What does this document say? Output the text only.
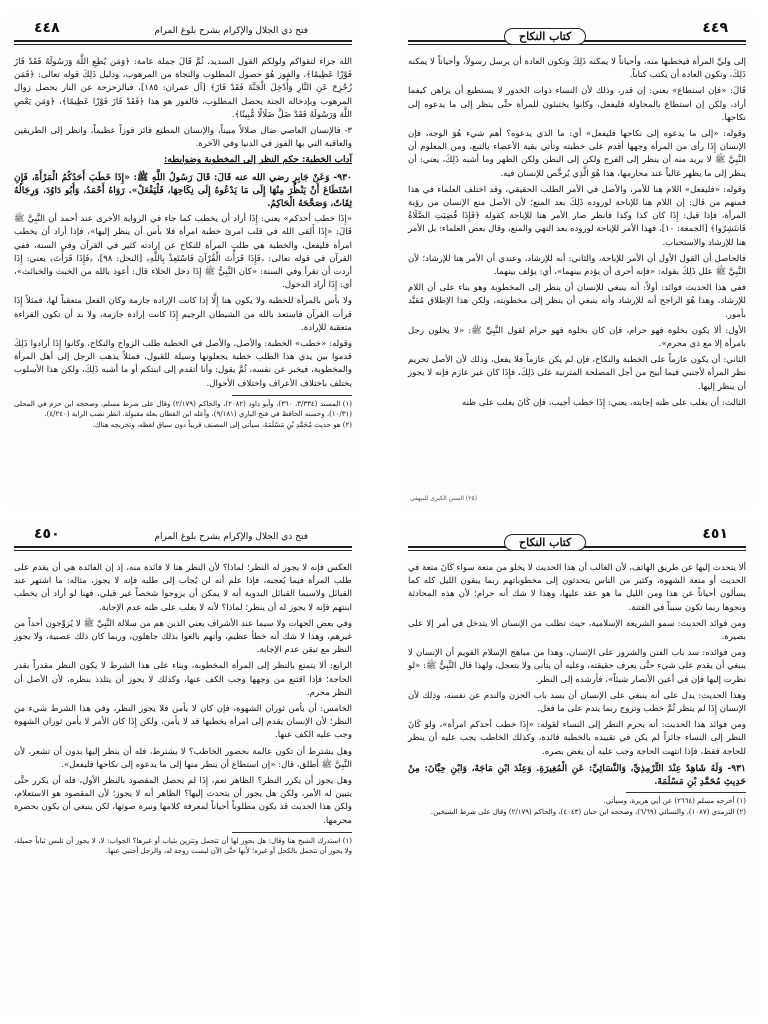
٤٤٨	فتح ذي الجلال والإكرام بشرح بلوغ المرام

الله جزاء لتقواكم ولولكم القول السديد، ثُمَّ قَالَ جملة عامة: ﴿وَمَن يُطِعِ اللَّهَ وَرَسُولَهُ فَقَدْ فَازَ فَوْزًا عَظِيمًا﴾، والفوز هُوَ حصول المطلوب والنجاة من المرهوب، ودليل ذَلِكَ قوله تعالى: ﴿فَمَن زُحْزِحَ عَنِ النَّارِ وَأُدْخِلَ الْجَنَّةَ فَقَدْ فَازَ﴾ [آل عمران: ١٨٥]، فبالزحزحة عن النار يحصل زوال المرهوب وبإدخاله الجنة يحصل المطلوب، فالفوز هو هذا ﴿فَقَدْ فَازَ فَوْزًا عَظِيمًا﴾، ﴿وَمَن يَعْصِ اللَّهَ وَرَسُولَهُ فَقَدْ ضَلَّ ضَلَالًا مُّبِينًا﴾.

٣- فالإنسان العاصي ضال ضلالاً مبيناً، والإنسان المطيع فائز فوزاً عظيماً، وانظر إلى الطريقين والعاقبة التي بها الفوز في الدنيا وفي الآخرة.

آداب الخطبة: حكم النظر إلى المخطوبة وضوابطه:

٩٣٠- وَعَنْ جَابِرٍ رضي الله عنه قَالَ: قَالَ رَسُولُ اللَّهِ ﷺ: «إِذَا خَطَبَ أَحَدُكُمُ الْمَرْأَةَ، فَإِنِ اسْتَطَاعَ أَنْ يَنْظُرَ مِنْهَا إِلَى مَا يَدْعُوهُ إِلَى نِكَاحِهَا، فَلْيَفْعَلْ». رَوَاهُ أَحْمَدُ، وَأَبُو دَاوُدَ، وَرِجَالُهُ ثِقَاتٌ، وَصَحَّحَهُ الْحَاكِمُ.

«إِذَا خطب أحدكم» يعني: إِذَا أراد أن يخطب كما جاء في الرواية الأخرى عند أحمد أن النَّبِيَّ ﷺ قَالَ: «إِذَا أَلقى الله في قلب امرئ خطبة امرأة فلا بأس أن ينظر إليها»، فإذا أراد أن يخطب امرأة فليفعل، والخطبة هي طلب المرأة للنكاح عن إرادته كثير في القرآن وفي السنة، ففي القرآن في قوله تعالى: ﴿فَإِذَا قَرَأْتَ الْقُرْآنَ فَاسْتَعِذْ بِاللَّهِ﴾ [النحل: ٩٨]، ﴿فَإِذَا قَرَأْتَ﴾ يعني: إِذَا أردت أن تقرأ وفي السنة: «كان النَّبِيُّ ﷺ إِذَا دخل الخلاء قال: أعوذ بالله من الخبث والخبائث»، أي: إِذَا أراد الدخول.

ولا بأس بالمرأة للخطبة ولا يكون هنا إِلَّا إذا كانت الإرادة جازمة وكان الفعل متعقباً لها، فمثلاً إِذَا قرأت القرآن فاستعذ بالله من الشيطان الرجيم إِذَا كانت إرادة جازمة، ولا بد أن تكون القراءة متعقبة للإرادة.

وقوله: «خطب» الخطبة: والأصل، والأصل في الخطبة طلب الزواج والنكاح، وكانوا إِذَا أرادوا ذَلِكَ قدموا بين يدي هذا الطلب خطبة يجعلونها وسيلة للقبول، فمثلاً يذهب الرجل إلى أهل المرأة والمخطوبة، فيخبر عن نفسه، ثُمَّ يقول: وأنا أتقدم إلى ابنتكم أو ما أشبه ذَلِكَ، ولكن هذا الأسلوب يختلف باختلاف الأعراف واختلاف الأحوال.

(١) المسند (٣/٣٣٤، ٣٦٠)، وأبو داود (٢٠٨٢)، والحاكم (٢/١٧٩) وقال على شرط مسلم، وصححه ابن حزم في المحلى (١٠/٣١)، وحسنه الحافظ في فتح الباري (٩/١٨١)، وأعله ابن القطان بعلة مقبولة. انظر نصب الراية (٤/٢٤٠).

(٢) هو حديث مُحَمَّدِ بْنِ مَسْلَمَةَ، سيأتي إلى المصنف قريباً دون سياق لفظه، وتخريجه هناك.

٤٤٩
كتاب النكاح

إلى وليِّ المرأة فيخطبها منه، وأحياناً لا يمكنه ذَلِكَ وتكون العادة أن يرسل رسولاً، وأحياناً لا يمكنه ذَلِكَ، وتكون العادة أن يكتب كتاباً.

قَالَ: «فإن استطاع» يعني: إن قدر، وذلك لأن النساء ذوات الخدور لا يستطيع أن يراهن كيفما أراد، ولكن إن استطاع بالمحاولة فليفعل، وكانوا يختبئون للمرأة حتَّى ينظر إلى ما يدعوه إلى نكاحها.

وقوله: «إلى ما يدعوه إلى نكاحها فليفعل» أي: ما الذي يدعوه؟ أهم شيء هُوَ الوجه، فإن الإنسان إِذَا رأى من المرأة وجهها أقدم على خطبته وتأتي بقية الأعضاء بالتبع، ومن المعلوم أن النَّبِيَّ ﷺ لا يريد منه أن ينظر إلى الفرج ولكن إلى البطن ولكن الظهر وما أشبه ذَلِكَ، يعني: أن ينظر إلى ما يظهر غالباً عند محارمها، هذا هُوَ الَّذِي يُرخَّص للإنسان فيه.

وقوله: «فليفعل» اللام هنا للأمر، والأصل في الأمر الطلب الحقيقي، وقد اختلف العلماء في هذا فمنهم من قال: إن اللام هنا للإباحة لوروده ذَلِكَ بعد المنع؛ لأن الأصل منع الإنسان من رؤية المرأة، فإذا قيل: إِذَا كان كذا وكذا فانظر صار الأمر هنا للإباحة كقوله ﴿فَإِذَا قُضِيَتِ الصَّلَاةُ فَانتَشِرُوا﴾ [الجمعة: ١٠]، فهذا الأمر للإباحة لوروده بعد النهي والمنع، وقال بعض العلماء: بل الأمر هنا للإرشاد والاستحباب.

فالحاصل أن القول الأول أن الأمر للإباحة، والثاني: أنه للإرشاد، وعندي أن الأمر هنا للإرشاد؛ لأن النَّبِيَّ ﷺ علل ذَلِكَ بقوله: «فإنه أحرى أن يؤدم بينهما»، أي: يؤلف بينهما.

ففي هذا الحديث فوائد: أولاً: أنه ينبغي للإنسان أن ينظر إلى المخطوبة وهو بناء على أن اللام للإرشاد، وهذا هُوَ الراجح أنه للإرشاد وأنه ينبغي أن ينظر إلى مخطوبته، ولكن هذا الإطلاق مُقيَّد بأمور.

الأول: ألا يكون بخلوة فهو حرام، فإن كان بخلوة فهو حرام لقول النَّبِيِّ ﷺ: «لا يخلون رجل بامرأة إلا مع ذي محرم».

الثاني: أن يكون عازماً على الخطبة والنكاح، فإن لم يكن عازماً فلا يفعل، وذلك لأن الأصل تحريم نظر المرأة لأجنبي فيما أبيح من أجل المصلحة المترتبة على ذَلِكَ، فإِذَا كان غير عازم فإنه لا يجوز أن ينظر إليها.

الثالث: أن يغلب على ظنه إجابته، يعني: إِذَا خطب أجيب، فإن كَانَ يغلب على ظنه

(٢٥) السنن الكبرى للبيهقي
٤٥٠	فتح ذي الجلال والإكرام بشرح بلوغ المرام

العكس فإنه لا يجوز له النظر؛ لماذا؟ لأن النظر هنا لا فائدة منه، إذ إن الفائدة هي أن يقدم على طلب المرأة فيما يُعجبه، فإذا علم أنه لن يُجاب إلى طلبه فإنه لا يجوز، مثاله: ما اشتهر عند القبائل ولاسيما القبائل البدوية أنه لا يمكن أن يزوجوا شخصاً غير قبلي، فهنا لو أراد أن يخطب ابنتهم فإنه لا يجوز له أن ينظر؛ لماذا؟ لأنه لا يغلب على ظنه عدم الإجابة.

وفي بعض الجهات ولا سيما عند الأشراف يعني الذين هم من سلالة النَّبِيِّ ﷺ لا يُزوِّجون أحداً من غيرهم، وهذا لا شك أنه خطأ عظيم، وأنهم بالغوا بذلك جاهلون، وربما كان ذلك عصبية، ولا يجوز النظر مع تيقن عدم الإجابة.

الرابع: ألا يتمتع بالنظر إلى المرأة المخطوبة، وبناء على هذا الشرط لا يكون النظر مقدراً بقدر الحاجة؛ فإذا اقتنع من وجهها وجب الكف عنها، وكذلك لا يجوز أن يتلذذ بنظره، لأن الأصل أن النظر محرم.

الخامس: أن يأمن ثوران الشهوة، فإن كان لا يأمن فلا يجوز النظر، وفي هذا الشرط شيء من النظر؛ لأن الإنسان يقدم إلى امرأة يخطبها قد لا يأمن، ولكن إِذَا كان الأمر لا يأمن ثوران الشهوة وجب عليه الكف عنها.

وهل يشترط أن تكون عالمة بحضور الخاطب؟ لا يشترط، فله أن ينظر إليها بدون أن تشعر، لأن النَّبِيَّ ﷺ أطلق، قال: «إن استطاع أن ينظر منها إلى ما يدعوه إلى نكاحها فليفعل».

وهل يجوز أن يكرر النظر؟ الظاهر نعم، إِذَا لم يحصل المقصود بالنظر الأول، فله أن يكرر حتَّى يتبين له الأمر، ولكن هل يجوز أن يتحدث إليها؟ الظاهر أنه لا يجوز؛ لأن المقصود هو الاستعلام، ولكن هذا الحديث قد يكون مطلوباً أحياناً لمعرفة كلامها ونبرة صوتها، لكن ينبغي أن يكون بحضرة محرمها.

(١) استدرك الشيخ هنا وقال: هل يجوز لها أن تتجمل وتتزين بثياب أو غيرها؟ الجواب: لا، لا يجوز أن تلبس ثياباً جميلة، ولا يجوز أن تتجمل بالكحل أو غيره؛ لأنها حتَّى الآن ليست زوجة له، والرجل أجنبي عنها.

٤٥١
كتاب النكاح

ألا يتحدث إليها عن طريق الهاتف، لأن الغالب أن هذا الحديث لا يخلو من متعة سواء كَانَ متعة في الحديث أو متعة الشهوة، وكثير من الناس يتحدثون إلى مخطوباتهم ربما يبقون الليل كله كما يسألون أحياناً عن هذا ومن الليل ما هو عقد عليها، وهذا لا شك أنه حرام؛ لأن هذه المحادثة ونحوها ربما تكون سبباً في الفتنة.

ومن فوائد الحديث: سمو الشريعة الإسلامية، حيث تطلب من الإنسان ألا يتدخل في أمر إلا على بصيرة.

ومن فوائده: سد باب الفتن والشرور على الإنسان، وهذا من مباهج الإسلام القويم أن الإنسان لا ينبغي أن يقدم على شيء حتَّى يعرف حقيقته، وعليه أن يتأنى ولا يتعجل، ولهذا قال النَّبِيُّ ﷺ: «لو نظرت إليها فإن في أعين الأنصار شيئاً»، فأرشده إلى النظر.

وهذا الحديث: يدل على أنه ينبغي على الإنسان أن يسد باب الحزن والندم عن نفسه، وذلك لأن الإنسان إِذَا لم ينظر ثُمَّ خطب وتزوج ربما يندم على ما فعل.

ومن فوائد هذا الحديث: أنه يحرم النظر إلى النساء لقوله: «إِذَا خطب أحدكم امرأة»، ولو كَانَ النظر إلى النساء جائزاً لم يكن في تقييده بالخطبة فائدة، وكذلك الخاطب يجب عليه أن ينظر للحاجة فقط، فإذا انتهت الحاجة وجب عليه أن يغض بصره.

٩٣١- وَلَهُ شَاهِدٌ عِنْدَ التِّرْمِذِيِّ، وَالنَّسَائِيِّ: عَنِ الْمُغِيرَةِ. وَعِنْدَ ابْنِ مَاجَهْ، وَابْنِ حِبَّانَ: مِنْ حَدِيثِ مُحَمَّدِ بْنِ مَسْلَمَةَ.

(١) أخرجه مسلم (٢٦٦٤) عن أبي هريرة، وسيأتي.

(٢) الترمذي (١٠٨٧)، والنسائي (٦/٦٩)، وصححه ابن حبان (٤٠٤٣)، والحاكم (٢/١٧٩) وقال على شرط الشيخين.
